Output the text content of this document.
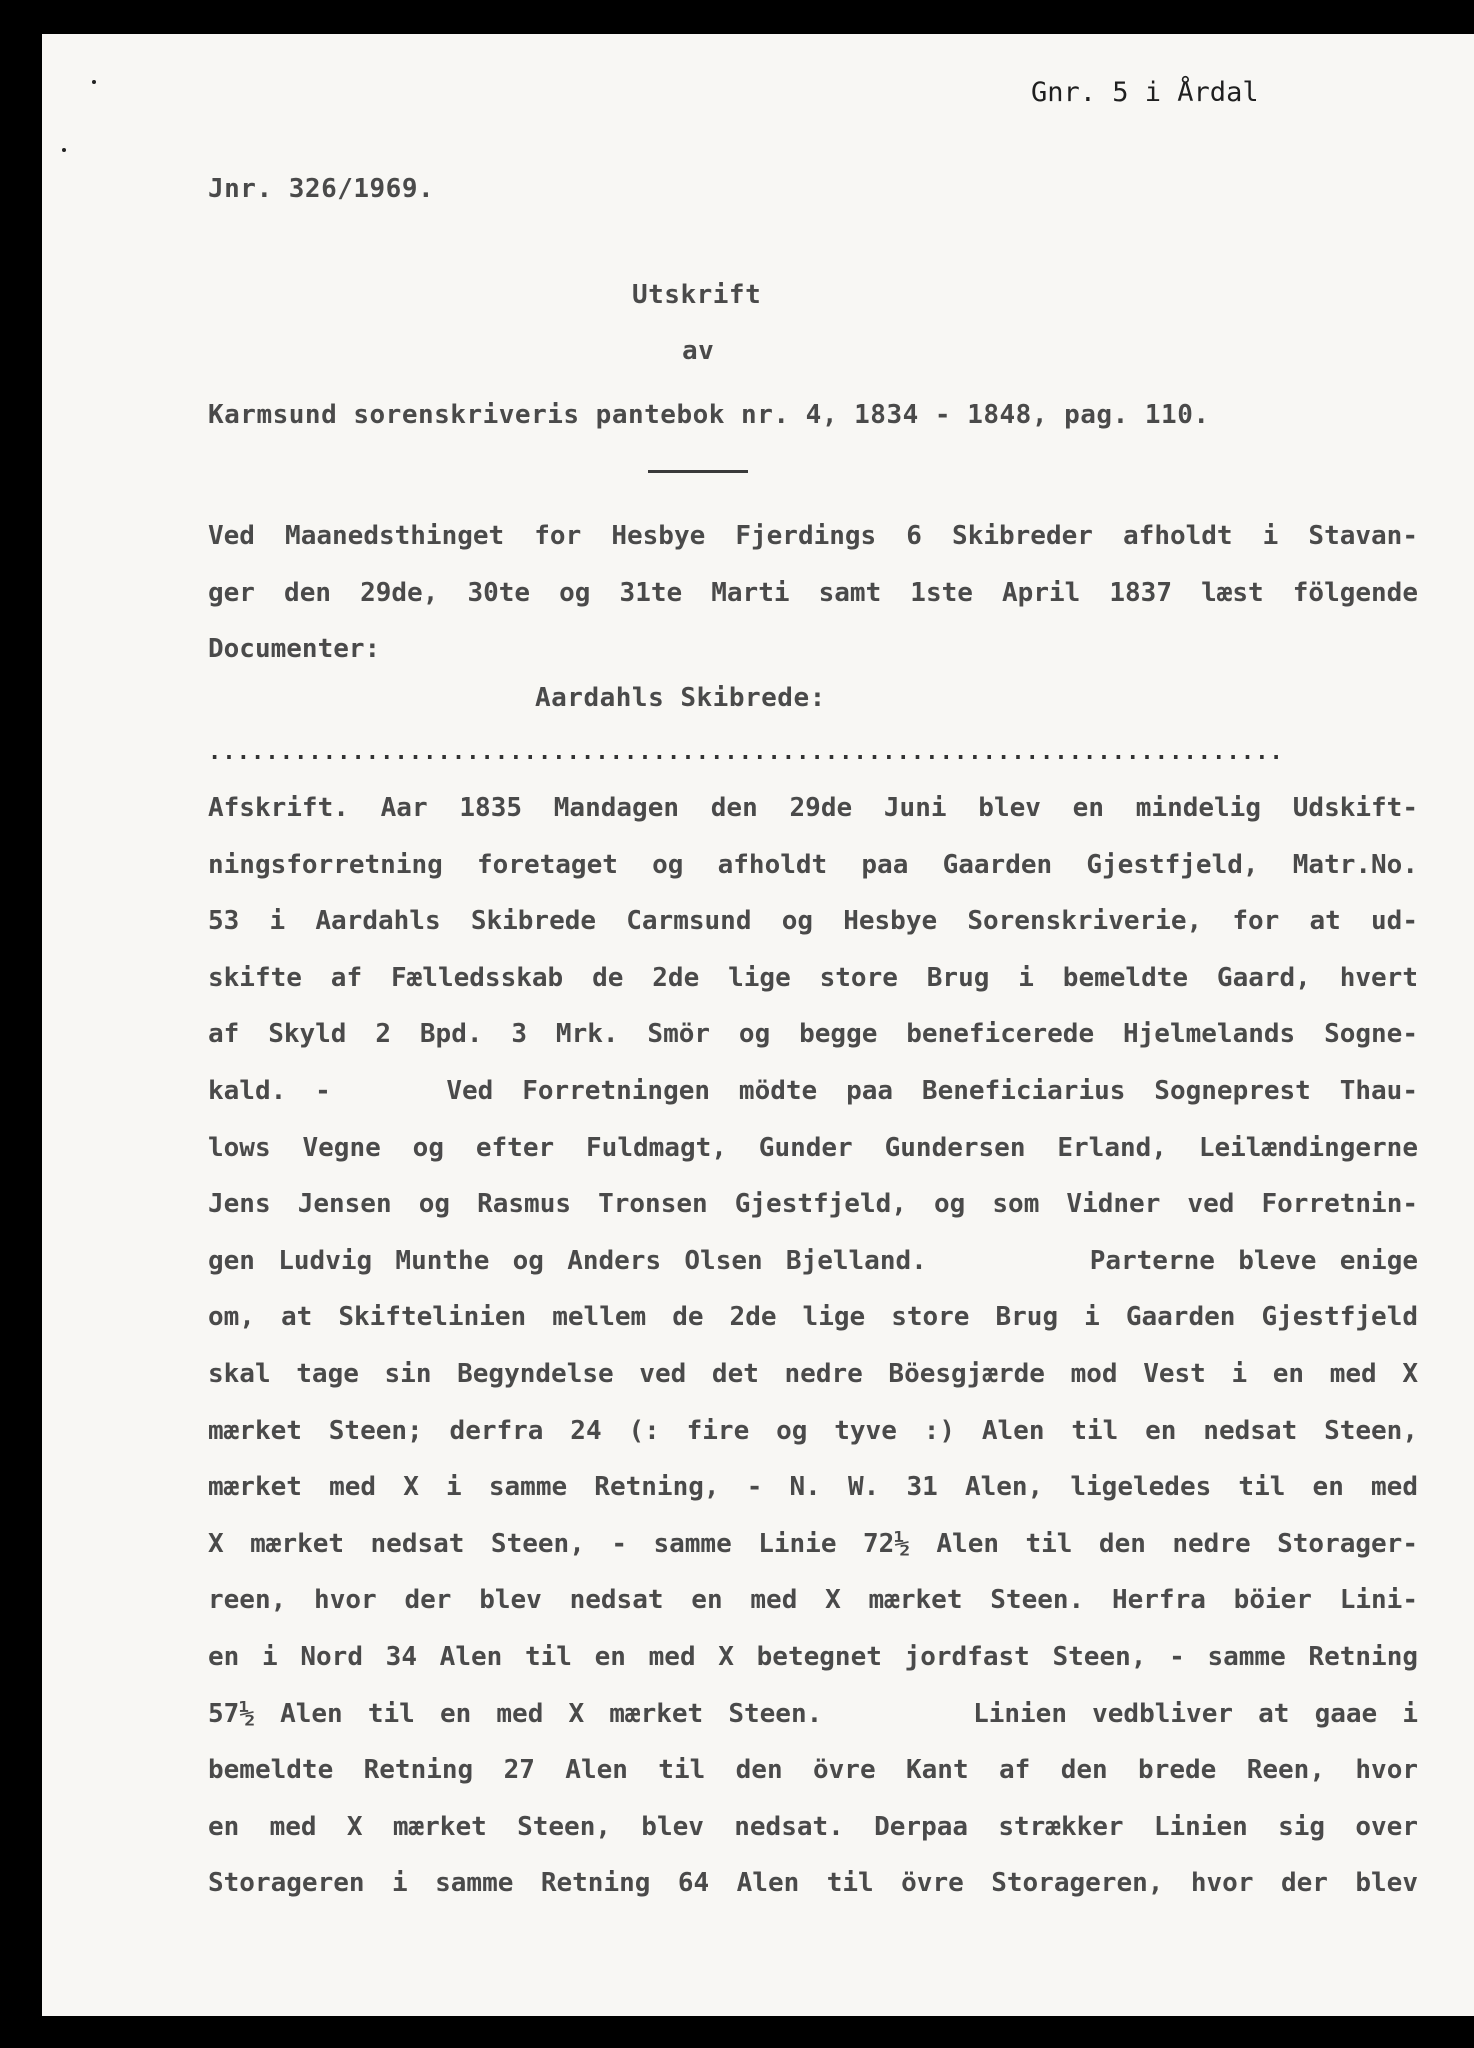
Gnr. 5 i Årdal
Jnr. 326/1969.
Utskrift
av
Karmsund sorenskriveris pantebok nr. 4, 1834 - 1848, pag. 110.
Ved Maanedsthinget for Hesbye Fjerdings 6 Skibreder afholdt i Stavan-
ger den 29de, 30te og 31te Marti samt 1ste April 1837 læst fölgende
Documenter:
Aardahls Skibrede:
...........................................................................
Afskrift. Aar 1835 Mandagen den 29de Juni blev en mindelig Udskift-
ningsforretning foretaget og afholdt paa Gaarden Gjestfjeld, Matr.No.
53 i Aardahls Skibrede Carmsund og Hesbye Sorenskriverie, for at ud-
skifte af Fælledsskab de 2de lige store Brug i bemeldte Gaard, hvert
af Skyld 2 Bpd. 3 Mrk. Smör og begge beneficerede Hjelmelands Sogne-
kald. -    Ved Forretningen mödte paa Beneficiarius Sogneprest Thau-
lows Vegne og efter Fuldmagt, Gunder Gundersen Erland, Leilændingerne
Jens Jensen og Rasmus Tronsen Gjestfjeld, og som Vidner ved Forretnin-
gen Ludvig Munthe og Anders Olsen Bjelland.       Parterne bleve enige
om, at Skiftelinien mellem de 2de lige store Brug i Gaarden Gjestfjeld
skal tage sin Begyndelse ved det nedre Böesgjærde mod Vest i en med X
mærket Steen; derfra 24 (: fire og tyve :) Alen til en nedsat Steen,
mærket med X i samme Retning, - N. W. 31 Alen, ligeledes til en med
X mærket nedsat Steen, - samme Linie 72½ Alen til den nedre Storager-
reen, hvor der blev nedsat en med X mærket Steen. Herfra böier Lini-
en i Nord 34 Alen til en med X betegnet jordfast Steen, - samme Retning
57½ Alen til en med X mærket Steen.      Linien vedbliver at gaae i
bemeldte Retning 27 Alen til den övre Kant af den brede Reen, hvor
en med X mærket Steen, blev nedsat. Derpaa strækker Linien sig over
Storageren i samme Retning 64 Alen til övre Storageren, hvor der blev
